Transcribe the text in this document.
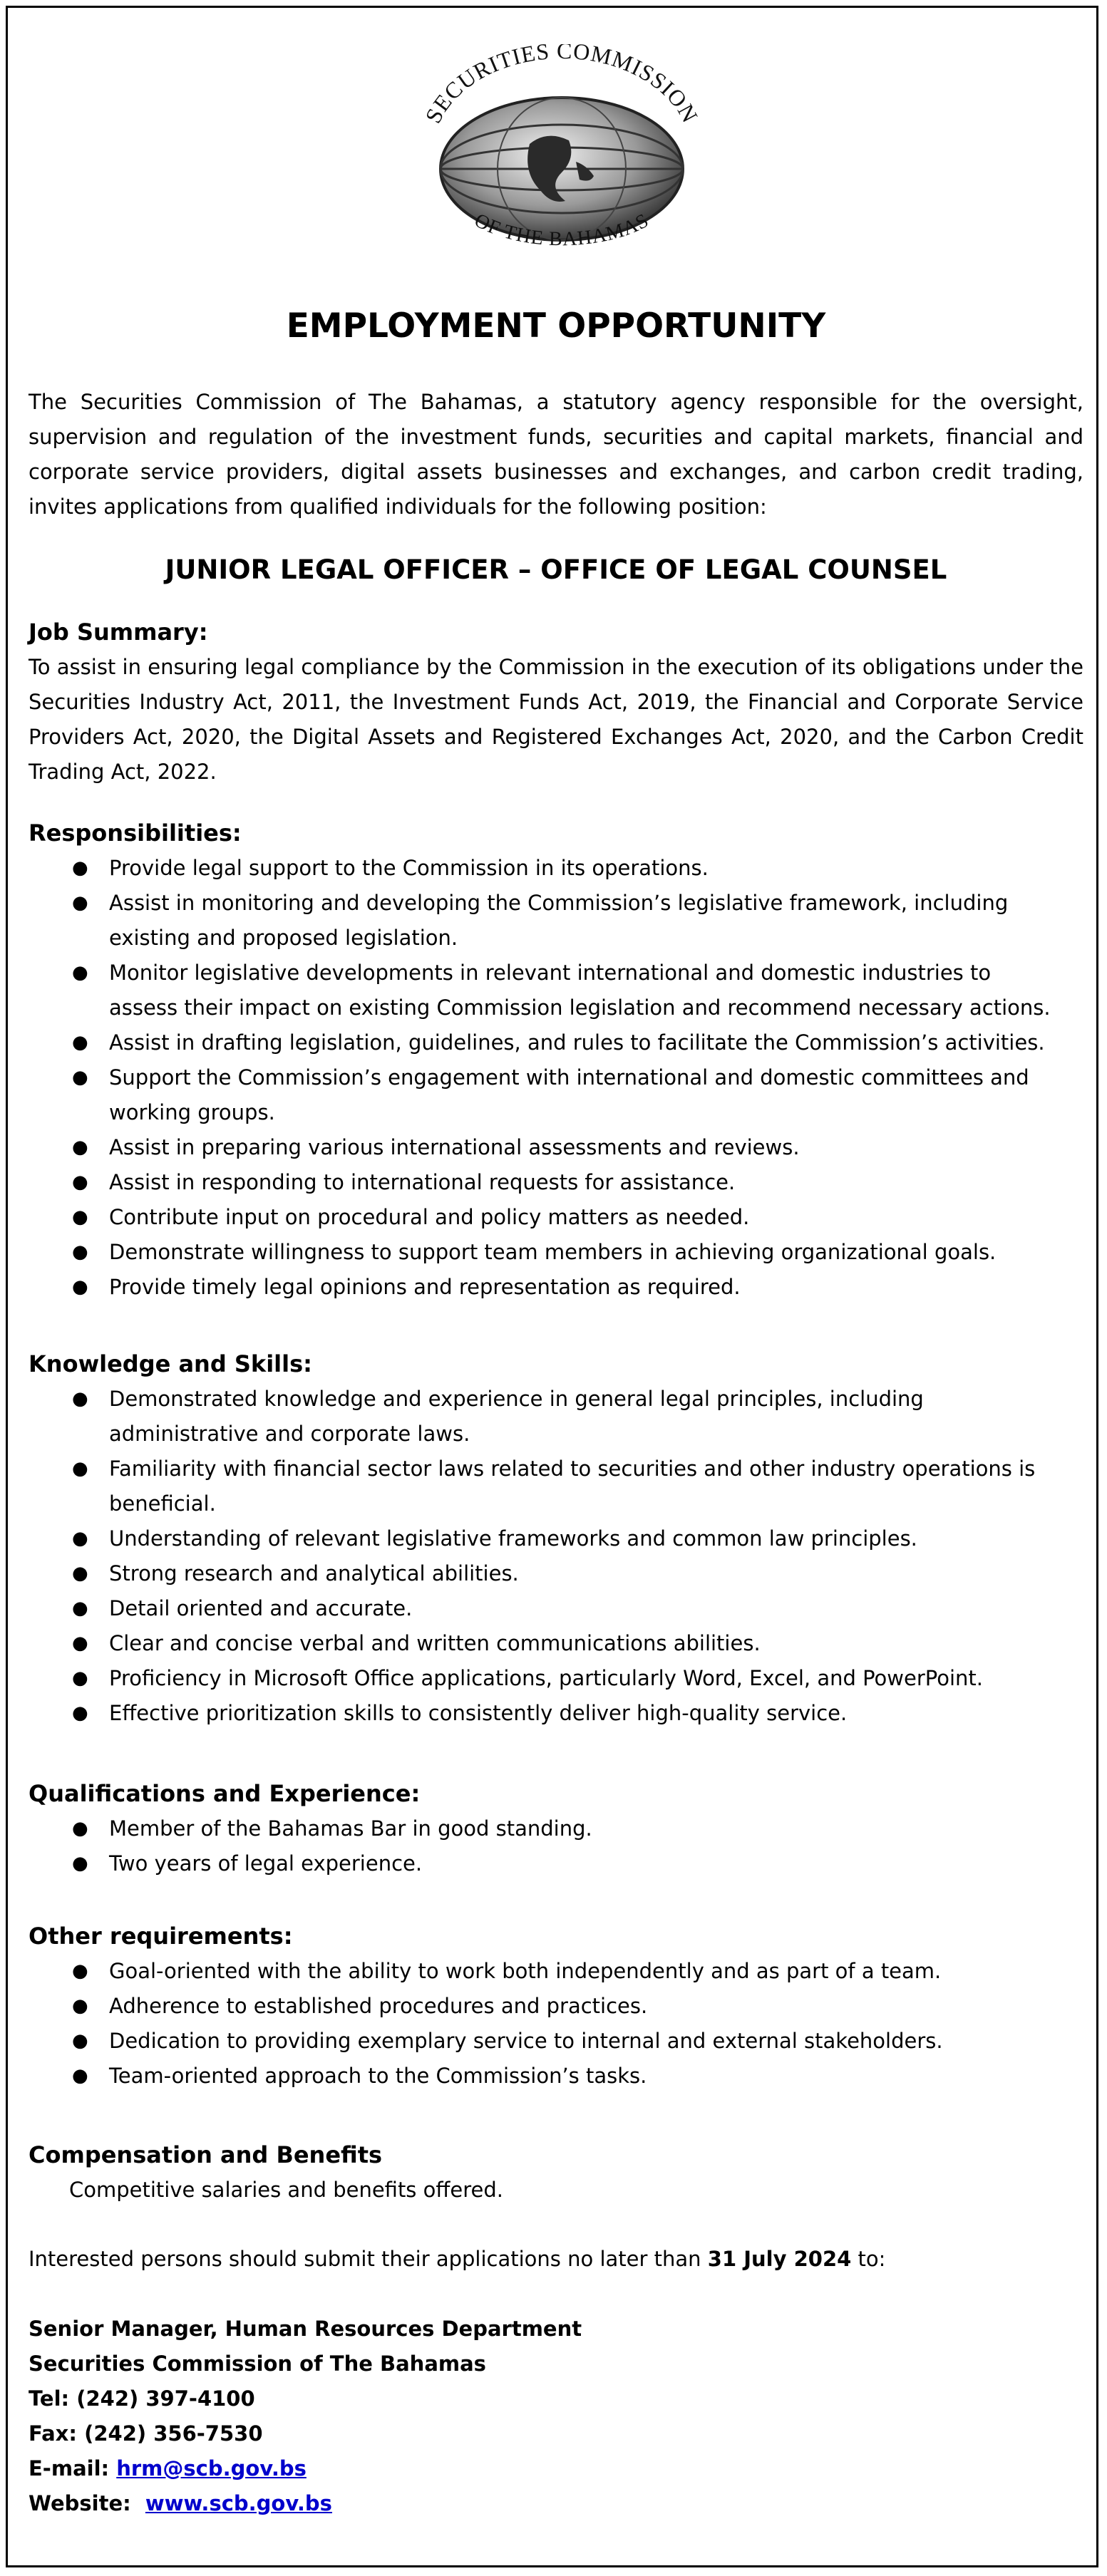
SECURITIES COMMISSION
OF THE BAHAMAS
EMPLOYMENT OPPORTUNITY
The Securities Commission of The Bahamas, a statutory agency responsible for the oversight, supervision and regulation of the investment funds, securities and capital markets, financial and corporate service providers, digital assets businesses and exchanges, and carbon credit trading, invites applications from qualified individuals for the following position:
JUNIOR LEGAL OFFICER – OFFICE OF LEGAL COUNSEL
Job Summary:
To assist in ensuring legal compliance by the Commission in the execution of its obligations under the Securities Industry Act, 2011, the Investment Funds Act, 2019, the Financial and Corporate Service Providers Act, 2020, the Digital Assets and Registered Exchanges Act, 2020, and the Carbon Credit Trading Act, 2022.
Responsibilities:
● Provide legal support to the Commission in its operations.
● Assist in monitoring and developing the Commission’s legislative framework, including existing and proposed legislation.
● Monitor legislative developments in relevant international and domestic industries to assess their impact on existing Commission legislation and recommend necessary actions.
● Assist in drafting legislation, guidelines, and rules to facilitate the Commission’s activities.
● Support the Commission’s engagement with international and domestic committees and working groups.
● Assist in preparing various international assessments and reviews.
● Assist in responding to international requests for assistance.
● Contribute input on procedural and policy matters as needed.
● Demonstrate willingness to support team members in achieving organizational goals.
● Provide timely legal opinions and representation as required.
Knowledge and Skills:
● Demonstrated knowledge and experience in general legal principles, including administrative and corporate laws.
● Familiarity with financial sector laws related to securities and other industry operations is beneficial.
● Understanding of relevant legislative frameworks and common law principles.
● Strong research and analytical abilities.
● Detail oriented and accurate.
● Clear and concise verbal and written communications abilities.
● Proficiency in Microsoft Office applications, particularly Word, Excel, and PowerPoint.
● Effective prioritization skills to consistently deliver high-quality service.
Qualifications and Experience:
● Member of the Bahamas Bar in good standing.
● Two years of legal experience.
Other requirements:
● Goal-oriented with the ability to work both independently and as part of a team.
● Adherence to established procedures and practices.
● Dedication to providing exemplary service to internal and external stakeholders.
● Team-oriented approach to the Commission’s tasks.
Compensation and Benefits
Competitive salaries and benefits offered.
Interested persons should submit their applications no later than 31 July 2024 to:
Senior Manager, Human Resources Department
Securities Commission of The Bahamas
Tel: (242) 397-4100
Fax: (242) 356-7530
E-mail: hrm@scb.gov.bs
Website:  www.scb.gov.bs
